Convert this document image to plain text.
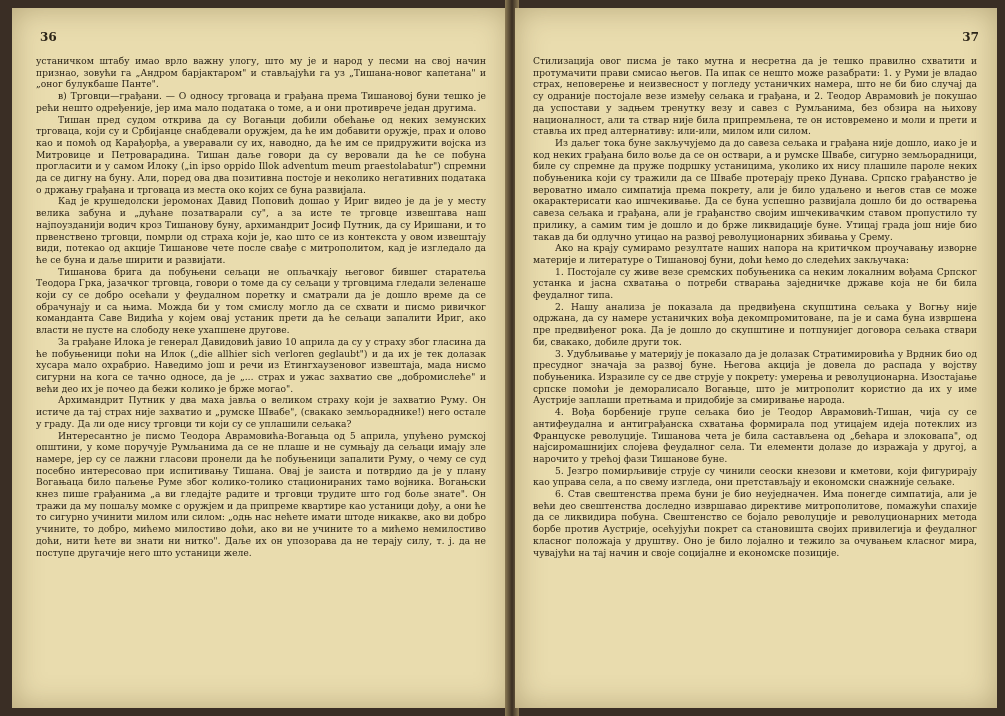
36

устаничком штабу имао врло важну улогу, што му је и народ у песми на свој начин признао, зовући га „Андром барјактаром" и стављајући га уз „Тишана-новог капетана" и „оног булукбаше Панте".

в) Трговци—грађани. — О односу трговаца и грађана према Тишановој буни тешко је рећи нешто одређеније, јер има мало података о томе, а и они противрече један другима.

Тишан пред судом открива да су Вогањци добили обећање од неких земунских трговаца, који су и Србијанце снабдевали оружјем, да ће им добавити оружје, прах и олово као и помоћ од Карађорђа, а уверавали су их, наводно, да ће им се придружити војска из Митровице и Петроварадина. Тишан даље говори да су веровали да ће се побуна прогласити и у самом Илоку („in ipso oppido Illok adventum meum praestolabatur") спремни да се дигну на буну. Али, поред ова два позитивна постоје и неколико негативних података о држању грађана и трговаца из места око којих се буна развијала.

Кад је крушедолски јеромонах Давид Поповић дошао у Ириг видео је да је у месту велика забуна и „дућане позатварали су", а за исте те трговце извештава наш најпоузданији водич кроз Тишанову буну, архимандрит Јосиф Путник, да су Иришани, и то првенствено трговци, помрли од страха који је, као што се из контекста у овом извештају види, потекао од акције Тишанове чете после свађе с митрополитом, кад је изгледало да ће се буна и даље ширити и развијати.

Тишанова брига да побуњени сељаци не опљачкају његовог бившег старатеља Теодора Грка, јазачког трговца, говори о томе да су сељаци у трговцима гледали зеленаше који су се добро осећали у феудалном поретку и сматрали да је дошло време да се обрачунају и са њима. Можда би у том смислу могло да се схвати и писмо ривичког команданта Саве Видића у којем овај устаник прети да ће сељаци запалити Ириг, ако власти не пусте на слободу неке ухапшене другове.

За грађане Илока је генерал Давидовић јавио 10 априла да су у страху због гласина да ће побуњеници поћи на Илок („die allhier sich verloren geglaubt") и да их је тек долазак хусара мало охрабрио. Наведимо још и речи из Етингхаузеновог извештаја, мада нисмо сигурни на кога се тачно односе, да је „... страх и ужас захватио све „добромислеће" и већи део их је почео да бежи колико је брже могао".

Архимандрит Путник у два маха јавља о великом страху који је захватио Руму. Он истиче да тај страх није захватио и „румске Швабе", (свакако земљораднике!) него остале у граду. Да ли оде нису трговци ти који су се уплашили сељака?

Интересантно је писмо Теодора Аврамовића-Вогањца од 5 априла, упућено румској општини, у коме поручује Румљанима да се не плаше и не сумњају да сељаци имају зле намере, јер су се лажни гласови пронели да ће побуњеници запалити Руму, о чему се суд посебно интересовао при испитивању Тишана. Овај је заиста и потврдио да је у плану Вогањаца било паљење Руме због колико-толико стационираних тамо војника. Вогањски кнез пише грађанима „а ви гледајте радите и трговци трудите што год боље знате". Он тражи да му пошаљу момке с оружјем и да припреме квартире као устаници дођу, а они ће то сигурно учинити милом или силом: „одњ нас нећете имати штоде никакве, ако ви добро учините, то добро, мићемо милостиво доћи, ако ви не учините то а мићемо немилостиво доћи, нити ћете ви знати ни нитко". Даље их он упозорава да не терају силу, т. ј. да не поступе другачије него што устаници желе.

37

Стилизација овог писма је тако мутна и несретна да је тешко правилно схватити и протумачити прави смисао његов. Па ипак се нешто може разабрати: 1. у Руми је владао страх, неповерење и неизвесност у погледу устаничких намера, што не би био случај да су одраније постојале везе између сељака и грађана, и 2. Теодор Аврамовић је покушао да успостави у задњем тренутку везу и савез с Румљанима, без обзира на њихову националност, али та ствар није била припремљена, те он истовремено и моли и прети и ставља их пред алтернативу: или-или, милом или силом.

Из даљег тока буне закључујемо да до савеза сељака и грађана није дошло, иако је и код неких грађана било воље да се он оствари, а и румске Швабе, сигурно земљорадници, биле су спремне да пруже подршку устаницима, уколико их нису плашиле пароле неких побуњеника који су тражили да се Швабе протерају преко Дунава. Српско грађанство је вероватно имало симпатија према покрету, али је било удаљено и његов став се може окарактерисати као ишчекивање. Да се буна успешно развијала дошло би до остварења савеза сељака и грађана, али је грађанство својим ишчекивачким ставом пропустило ту прилику, а самим тим је дошло и до брже ликвидације буне. Утицај града још није био такав да би одлучно утицао на развој револуционарних збивања у Срему.

Ако на крају сумирамо резултате наших напора на критичком проучавању изворне материје и литературе о Тишановој буни, доћи ћемо до следећих закључака:

1. Постојале су живе везе сремских побуњеника са неким локалним вођама Српског устанка и јасна схватања о потреби стварања заједничке државе која не би била феудалног типа.

2. Нашу анализа је показала да предвиђена скупштина сељака у Вогњу није одржана, да су намере устаничких вођа декомпромитоване, па је и сама буна извршена пре предвиђеног рока. Да је дошло до скупштине и потпунијег договора сељака ствари би, свакако, добиле други ток.

3. Удубљивање у материју је показало да је долазак Стратимировића у Врдник био од пресудног значаја за развој буне. Његова акција је довела до распада у војству побуњеника. Изразиле су се две струје у покрету: умерења и револуционарна. Изостајање српске помоћи је деморалисало Вогањце, што је митрополит користио да их у име Аустрије заплаши претњама и придобије за смиривање народа.

4. Вођа борбеније групе сељака био је Теодор Аврамовић-Тишан, чија су се антифеудална и антиграђанска схватања формирала под утицајем идеја потеклих из Француске револуције. Тишанова чета је била састављена од „бећара и злоковапа", од најсиромашнијих слојева феудалног села. Ти елементи долазе до изражаја у другој, а нарочито у трећој фази Тишанове буне.

5. Језгро помирљивије струје су чинили сеоски кнезови и кметови, који фигурирају као управа села, а по свему изгледа, они претстављају и економски снажније сељаке.

6. Став свештенства према буни је био неуједначен. Има понегде симпатија, али је већи део свештенства доследно извршавао директиве митрополитове, помажући спахије да се ликвидира побуна. Свештенство се бојало револуције и револуционарних метода борбе против Аустрије, осећујући покрет са становишта својих привилегија и феудалног класног положаја у друштву. Оно је било лојално и тежило за очувањем класног мира, чувајући на тај начин и своје социјалне и економске позиције.
